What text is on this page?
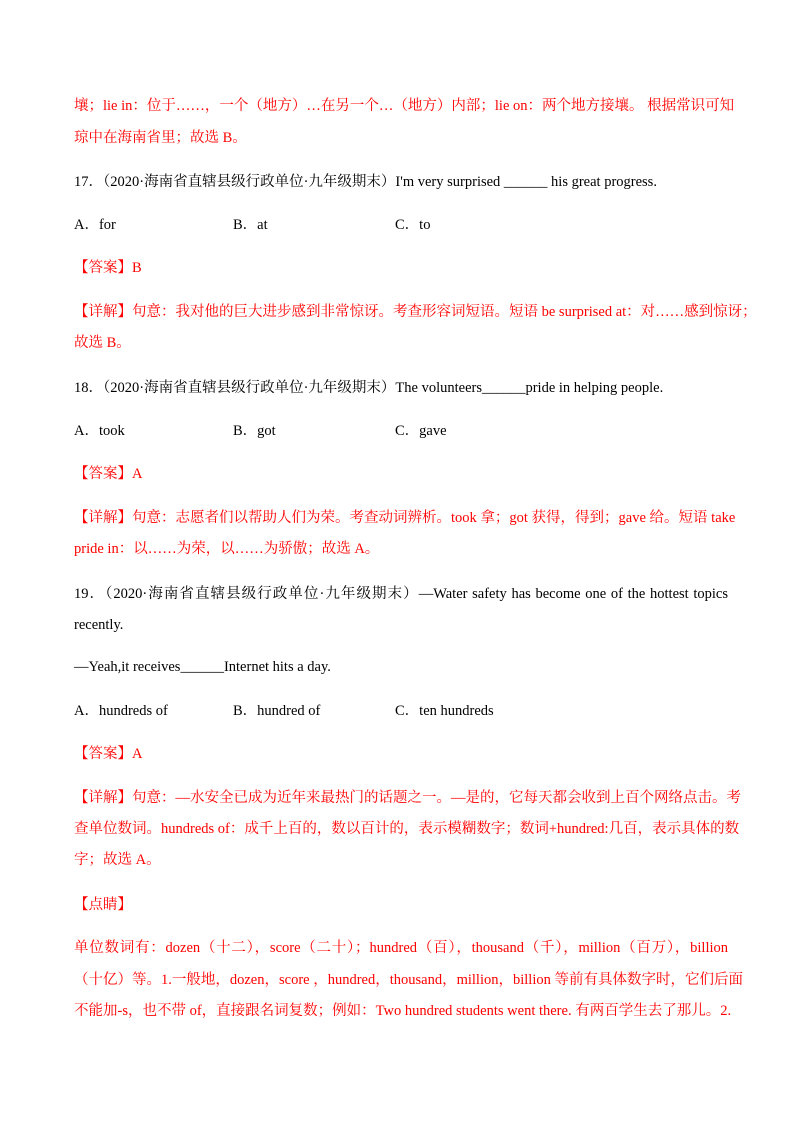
壤；lie in：位于……，一个（地方）…在另一个…（地方）内部；lie on：两个地方接壤。 根据常识可知
琼中在海南省里；故选 B。
17．（2020·海南省直辖县级行政单位·九年级期末）I'm very surprised ______ his great progress.
A．for	B．at	C．to
【答案】B
【详解】句意：我对他的巨大进步感到非常惊讶。考查形容词短语。短语 be surprised at：对……感到惊讶；
故选 B。
18．（2020·海南省直辖县级行政单位·九年级期末）The volunteers______pride in helping people.
A．took	B．got	C．gave
【答案】A
【详解】句意：志愿者们以帮助人们为荣。考查动词辨析。took 拿；got 获得，得到；gave 给。短语 take
pride in：以……为荣，以……为骄傲；故选 A。
19．（2020·海南省直辖县级行政单位·九年级期末）—Water safety has become one of the hottest topics
recently.
—Yeah,it receives______Internet hits a day.
A．hundreds of	B．hundred of	C．ten hundreds
【答案】A
【详解】句意：—水安全已成为近年来最热门的话题之一。—是的，它每天都会收到上百个网络点击。考
查单位数词。hundreds of：成千上百的，数以百计的，表示模糊数字；数词+hundred:几百，表示具体的数
字；故选 A。
【点睛】
单位数词有：dozen（十二），score（二十）；hundred（百），thousand（千），million（百万），billion
（十亿）等。1.一般地，dozen，score ，hundred，thousand，million，billion 等前有具体数字时，它们后面
不能加-s，也不带 of，直接跟名词复数；例如：Two hundred students went there. 有两百学生去了那儿。2.
